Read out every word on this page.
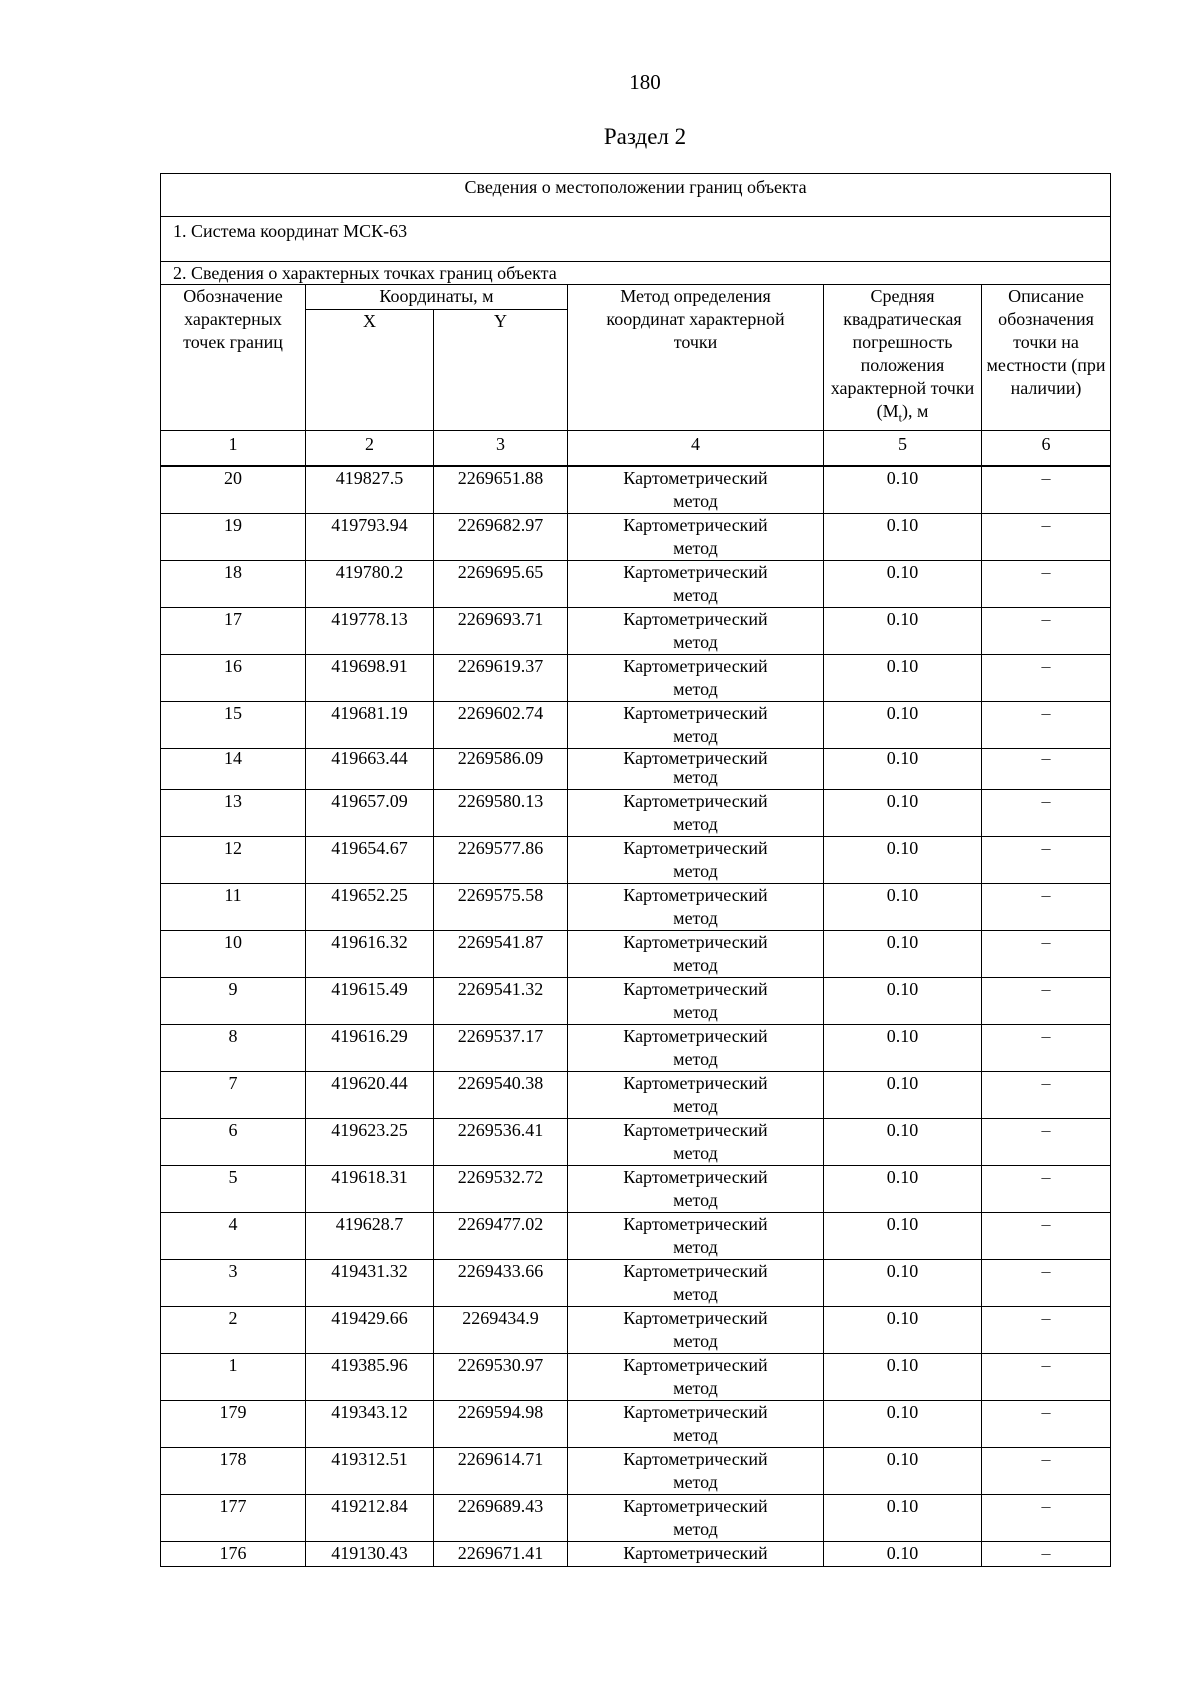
180
Раздел 2
Сведения о местоположении границ объекта					
1. Система координат МСК-63					
2. Сведения о характерных точках границ объекта					
Обозначение характерных точек границ	Координаты, м		Метод определения координат характерной точки	Средняя квадратическая погрешность положения характерной точки $(M_t)$, м	Описание обозначения точки на местности (при наличии)
	X	Y			
1	2	3	4	5	6
20	419827.5	2269651.88	Картометрический метод	0.10	–
19	419793.94	2269682.97	Картометрический метод	0.10	–
18	419780.2	2269695.65	Картометрический метод	0.10	–
17	419778.13	2269693.71	Картометрический метод	0.10	–
16	419698.91	2269619.37	Картометрический метод	0.10	–
15	419681.19	2269602.74	Картометрический метод	0.10	–
14	419663.44	2269586.09	Картометрический метод	0.10	–
13	419657.09	2269580.13	Картометрический метод	0.10	–
12	419654.67	2269577.86	Картометрический метод	0.10	–
11	419652.25	2269575.58	Картометрический метод	0.10	–
10	419616.32	2269541.87	Картометрический метод	0.10	–
9	419615.49	2269541.32	Картометрический метод	0.10	–
8	419616.29	2269537.17	Картометрический метод	0.10	–
7	419620.44	2269540.38	Картометрический метод	0.10	–
6	419623.25	2269536.41	Картометрический метод	0.10	–
5	419618.31	2269532.72	Картометрический метод	0.10	–
4	419628.7	2269477.02	Картометрический метод	0.10	–
3	419431.32	2269433.66	Картометрический метод	0.10	–
2	419429.66	2269434.9	Картометрический метод	0.10	–
1	419385.96	2269530.97	Картометрический метод	0.10	–
179	419343.12	2269594.98	Картометрический метод	0.10	–
178	419312.51	2269614.71	Картометрический метод	0.10	–
177	419212.84	2269689.43	Картометрический метод	0.10	–
176	419130.43	2269671.41	Картометрический	0.10	–
